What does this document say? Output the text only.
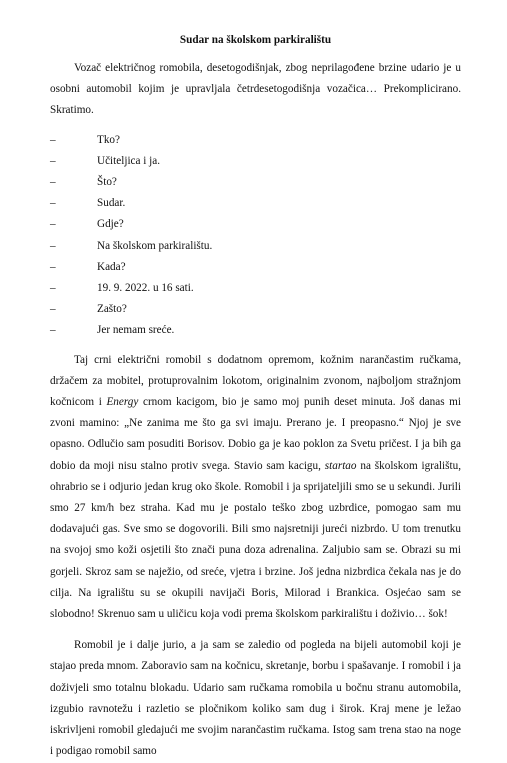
Sudar na školskom parkiralištu

Vozač električnog romobila, desetogodišnjak, zbog neprilagođene brzine udario je u osobni automobil kojim je upravljala četrdesetogodišnja vozačica… Prekomplicirano. Skratimo.

–	Tko?
–	Učiteljica i ja.
–	Što?
–	Sudar.
–	Gdje?
–	Na školskom parkiralištu.
–	Kada?
–	19. 9. 2022. u 16 sati.
–	Zašto?
–	Jer nemam sreće.

Taj crni električni romobil s dodatnom opremom, kožnim narančastim ručkama, držačem za mobitel, protuprovalnim lokotom, originalnim zvonom, najboljom stražnjom kočnicom i Energy crnom kacigom, bio je samo moj punih deset minuta. Još danas mi zvoni mamino: „Ne zanima me što ga svi imaju. Prerano je. I preopasno.“ Njoj je sve opasno. Odlučio sam posuditi Borisov. Dobio ga je kao poklon za Svetu pričest. I ja bih ga dobio da moji nisu stalno protiv svega. Stavio sam kacigu, startao na školskom igralištu, ohrabrio se i odjurio jedan krug oko škole. Romobil i ja sprijateljili smo se u sekundi. Jurili smo 27 km/h bez straha. Kad mu je postalo teško zbog uzbrdice, pomogao sam mu dodavajući gas. Sve smo se dogovorili. Bili smo najsretniji jureći nizbrdo. U tom trenutku na svojoj smo koži osjetili što znači puna doza adrenalina. Zaljubio sam se. Obrazi su mi gorjeli. Skroz sam se naježio, od sreće, vjetra i brzine. Još jedna nizbrdica čekala nas je do cilja. Na igralištu su se okupili navijači Boris, Milorad i Brankica. Osjećao sam se slobodno! Skrenuo sam u uličicu koja vodi prema školskom parkiralištu i doživio… šok!

Romobil je i dalje jurio, a ja sam se zaledio od pogleda na bijeli automobil koji je stajao preda mnom. Zaboravio sam na kočnicu, skretanje, borbu i spašavanje. I romobil i ja doživjeli smo totalnu blokadu. Udario sam ručkama romobila u bočnu stranu automobila, izgubio ravnotežu i razletio se pločnikom koliko sam dug i širok. Kraj mene je ležao iskrivljeni romobil gledajući me svojim narančastim ručkama. Istog sam trena stao na noge i podigao romobil samo
